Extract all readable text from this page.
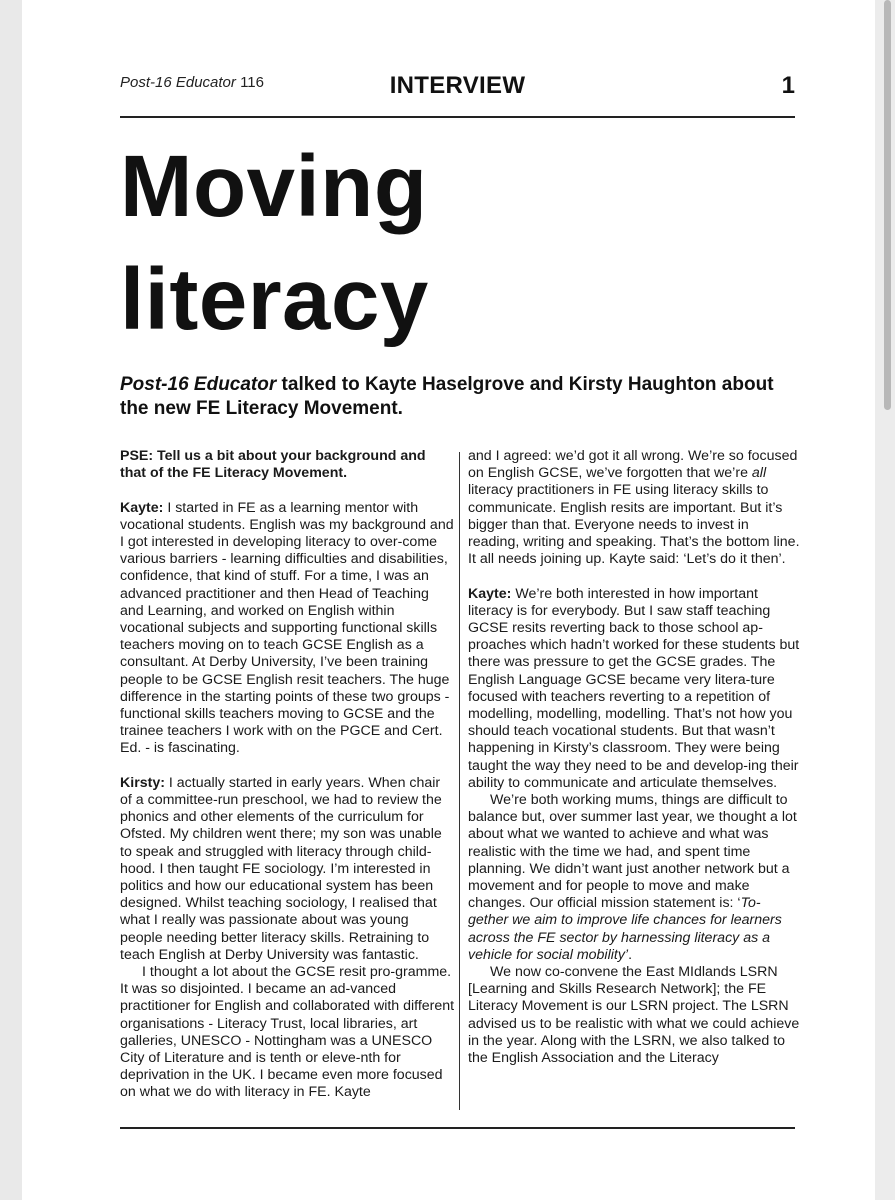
Post-16 Educator 116	INTERVIEW	1
Moving
literacy
Post-16 Educator talked to Kayte Haselgrove and Kirsty Haughton about the new FE Literacy Movement.

PSE: Tell us a bit about your background and that of the FE Literacy Movement.

Kayte: I started in FE as a learning mentor with vocational students. English was my background and I got interested in developing literacy to over-come various barriers - learning difficulties and disabilities, confidence, that kind of stuff. For a time, I was an advanced practitioner and then Head of Teaching and Learning, and worked on English within vocational subjects and supporting functional skills teachers moving on to teach GCSE English as a consultant. At Derby University, I’ve been training people to be GCSE English resit teachers. The huge difference in the starting points of these two groups - functional skills teachers moving to GCSE and the trainee teachers I work with on the PGCE and Cert. Ed. - is fascinating.

Kirsty: I actually started in early years. When chair of a committee-run preschool, we had to review the phonics and other elements of the curriculum for Ofsted. My children went there; my son was unable to speak and struggled with literacy through child-hood. I then taught FE sociology. I’m interested in politics and how our educational system has been designed. Whilst teaching sociology, I realised that what I really was passionate about was young people needing better literacy skills. Retraining to teach English at Derby University was fantastic.

I thought a lot about the GCSE resit pro-gramme. It was so disjointed. I became an ad-vanced practitioner for English and collaborated with different organisations - Literacy Trust, local libraries, art galleries, UNESCO - Nottingham was a UNESCO City of Literature and is tenth or eleve-nth for deprivation in the UK. I became even more focused on what we do with literacy in FE. Kayte

and I agreed: we’d got it all wrong. We’re so focused on English GCSE, we’ve forgotten that we’re all literacy practitioners in FE using literacy skills to communicate. English resits are important. But it’s bigger than that. Everyone needs to invest in reading, writing and speaking. That’s the bottom line. It all needs joining up. Kayte said: ‘Let’s do it then’.

Kayte: We’re both interested in how important literacy is for everybody. But I saw staff teaching GCSE resits reverting back to those school ap-proaches which hadn’t worked for these students but there was pressure to get the GCSE grades. The English Language GCSE became very litera-ture focused with teachers reverting to a repetition of modelling, modelling, modelling. That’s not how you should teach vocational students. But that wasn’t happening in Kirsty’s classroom. They were being taught the way they need to be and develop-ing their ability to communicate and articulate themselves.

We’re both working mums, things are difficult to balance but, over summer last year, we thought a lot about what we wanted to achieve and what was realistic with the time we had, and spent time planning. We didn’t want just another network but a movement and for people to move and make changes. Our official mission statement is: ‘To-gether we aim to improve life chances for learners across the FE sector by harnessing literacy as a vehicle for social mobility’.

We now co-convene the East MIdlands LSRN [Learning and Skills Research Network]; the FE Literacy Movement is our LSRN project. The LSRN advised us to be realistic with what we could achieve in the year. Along with the LSRN, we also talked to the English Association and the Literacy
